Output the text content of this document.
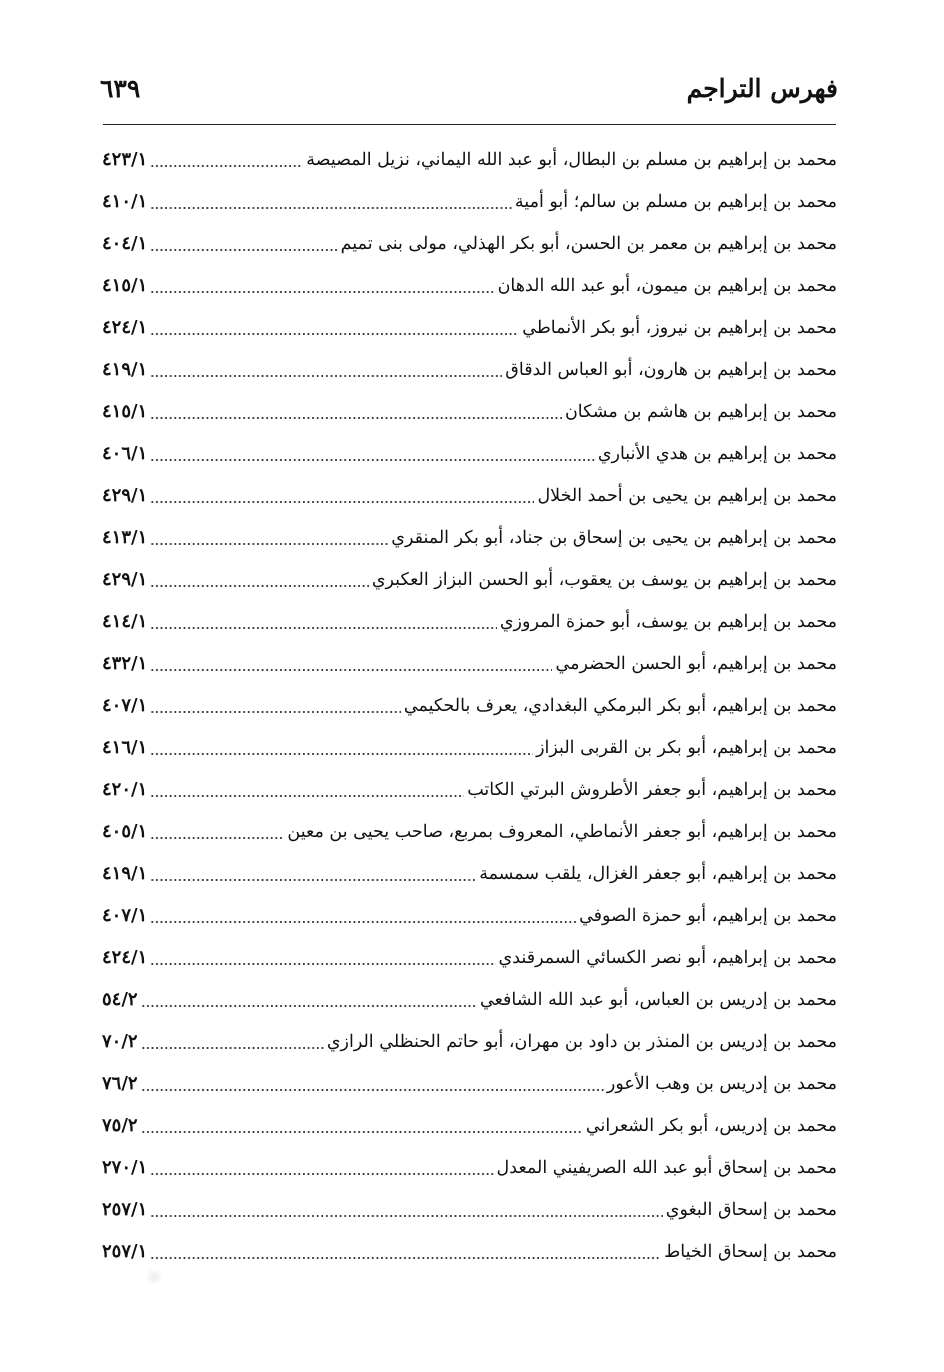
فهرس التراجم
٦٣٩
محمد بن إبراهيم بن مسلم بن البطال، أبو عبد الله اليماني، نزيل المصيصة
٤٢٣/١
محمد بن إبراهيم بن مسلم بن سالم؛ أبو أمية
٤١٠/١
محمد بن إبراهيم بن معمر بن الحسن، أبو بكر الهذلي، مولى بنى تميم
٤٠٤/١
محمد بن إبراهيم بن ميمون، أبو عبد الله الدهان
٤١٥/١
محمد بن إبراهيم بن نيروز، أبو بكر الأنماطي
٤٢٤/١
محمد بن إبراهيم بن هارون، أبو العباس الدقاق
٤١٩/١
محمد بن إبراهيم بن هاشم بن مشكان
٤١٥/١
محمد بن إبراهيم بن هدي الأنباري
٤٠٦/١
محمد بن إبراهيم بن يحيى بن أحمد الخلال
٤٢٩/١
محمد بن إبراهيم بن يحيى بن إسحاق بن جناد، أبو بكر المنقري
٤١٣/١
محمد بن إبراهيم بن يوسف بن يعقوب، أبو الحسن البزاز العكبري
٤٢٩/١
محمد بن إبراهيم بن يوسف، أبو حمزة المروزي
٤١٤/١
محمد بن إبراهيم، أبو الحسن الحضرمي
٤٣٢/١
محمد بن إبراهيم، أبو بكر البرمكي البغدادي، يعرف بالحكيمي
٤٠٧/١
محمد بن إبراهيم، أبو بكر بن القربى البزاز
٤١٦/١
محمد بن إبراهيم، أبو جعفر الأطروش البرتي الكاتب
٤٢٠/١
محمد بن إبراهيم، أبو جعفر الأنماطي، المعروف بمربع، صاحب يحيى بن معين
٤٠٥/١
محمد بن إبراهيم، أبو جعفر الغزال، يلقب سمسمة
٤١٩/١
محمد بن إبراهيم، أبو حمزة الصوفي
٤٠٧/١
محمد بن إبراهيم، أبو نصر الكسائي السمرقندي
٤٢٤/١
محمد بن إدريس بن العباس، أبو عبد الله الشافعي
٥٤/٢
محمد بن إدريس بن المنذر بن داود بن مهران، أبو حاتم الحنظلي الرازي
٧٠/٢
محمد بن إدريس بن وهب الأعور
٧٦/٢
محمد بن إدريس، أبو بكر الشعراني
٧٥/٢
محمد بن إسحاق أبو عبد الله الصريفيني المعدل
٢٧٠/١
محمد بن إسحاق البغوي
٢٥٧/١
محمد بن إسحاق الخياط
٢٥٧/١
